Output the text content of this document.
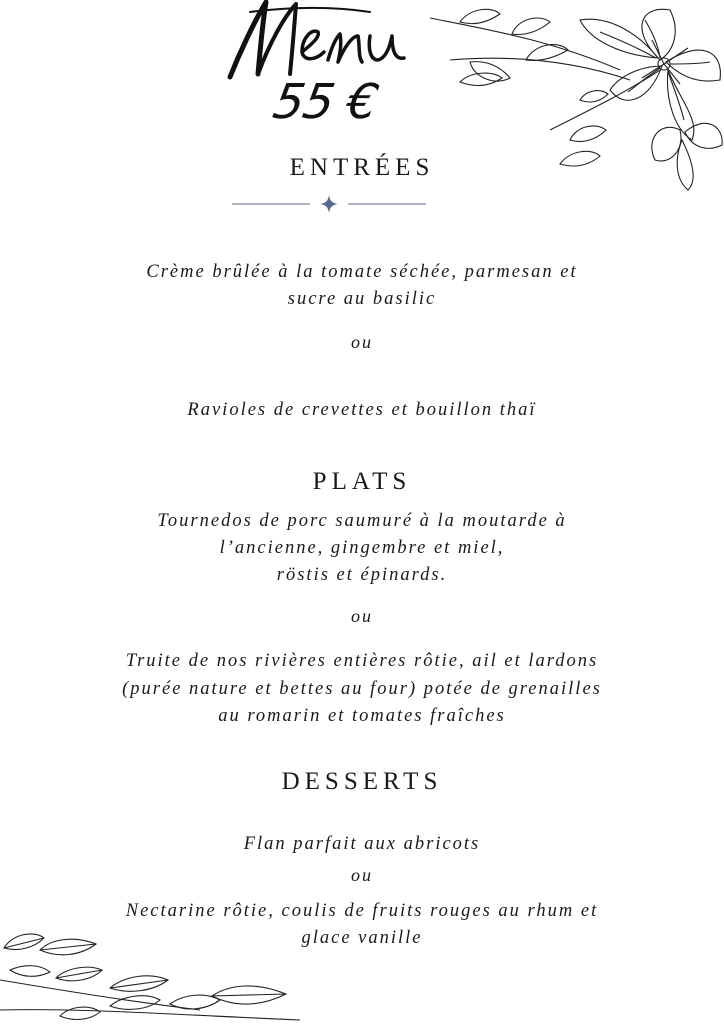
Menu
55 €
ENTRÉES
Crème brûlée à la tomate séchée, parmesan et
sucre au basilic
ou
Ravioles de crevettes et bouillon thaï
PLATS
Tournedos de porc saumuré à la moutarde à
l’ancienne, gingembre et miel,
röstis et épinards.
ou
Truite de nos rivières entières rôtie, ail et lardons
(purée nature et bettes au four) potée de grenailles
au romarin et tomates fraîches
DESSERTS
Flan parfait aux abricots
ou
Nectarine rôtie, coulis de fruits rouges au rhum et
glace vanille
